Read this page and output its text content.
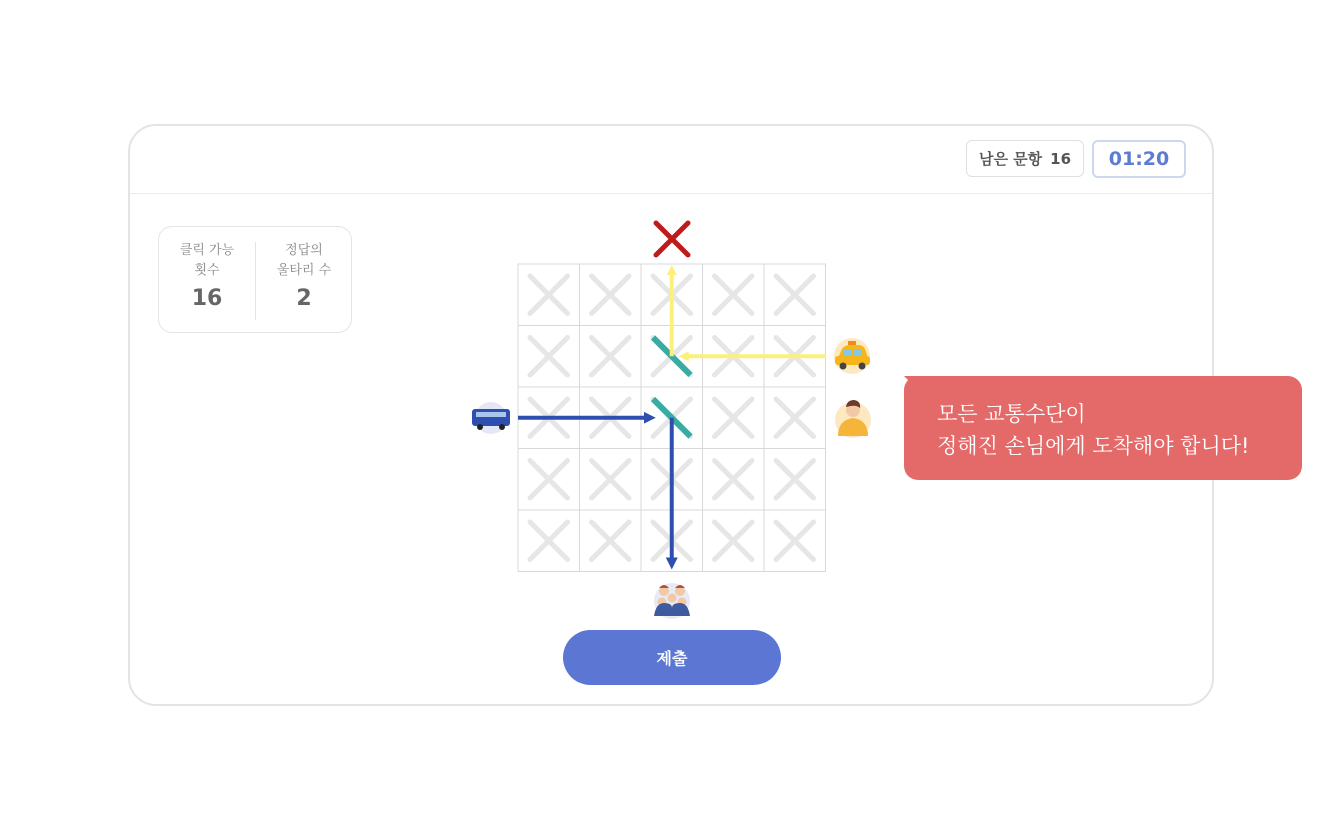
남은 문항 16	01:20
클릭 가능
횟수
16
정답의
울타리 수
2
모든 교통수단이
정해진 손님에게 도착해야 합니다!
제출
